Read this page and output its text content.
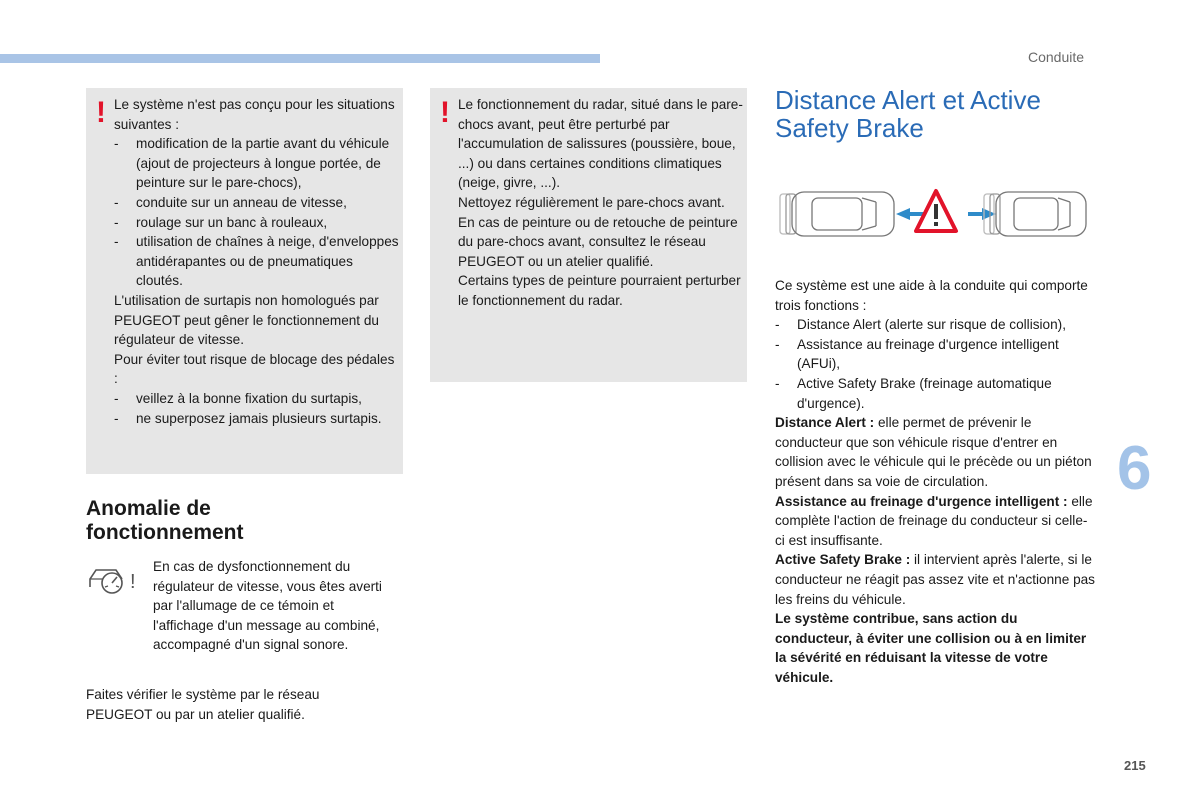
Conduite
6
215
! Le système n'est pas conçu pour les situations suivantes :

-	modification de la partie avant du véhicule (ajout de projecteurs à longue portée, de peinture sur le pare-chocs),
-	conduite sur un anneau de vitesse,
-	roulage sur un banc à rouleaux,
-	utilisation de chaînes à neige, d'enveloppes antidérapantes ou de pneumatiques cloutés.

L'utilisation de surtapis non homologués par PEUGEOT peut gêner le fonctionnement du régulateur de vitesse.

Pour éviter tout risque de blocage des pédales :

-	veillez à la bonne fixation du surtapis,
-	ne superposez jamais plusieurs surtapis.
! Le fonctionnement du radar, situé dans le pare-chocs avant, peut être perturbé par l'accumulation de salissures (poussière, boue, ...) ou dans certaines conditions climatiques (neige, givre, ...).

Nettoyez régulièrement le pare-chocs avant.

En cas de peinture ou de retouche de peinture du pare-chocs avant, consultez le réseau PEUGEOT ou un atelier qualifié.

Certains types de peinture pourraient perturber le fonctionnement du radar.

Anomalie de
fonctionnement
!
En cas de dysfonctionnement du régulateur de vitesse, vous êtes averti par l'allumage de ce témoin et l'affichage d'un message au combiné, accompagné d'un signal sonore.
Faites vérifier le système par le réseau PEUGEOT ou par un atelier qualifié.
Distance Alert et Active
Safety Brake

Ce système est une aide à la conduite qui comporte trois fonctions :

-	Distance Alert (alerte sur risque de collision),
-	Assistance au freinage d'urgence intelligent (AFUi),
-	Active Safety Brake (freinage automatique d'urgence).

Distance Alert : elle permet de prévenir le conducteur que son véhicule risque d'entrer en collision avec le véhicule qui le précède ou un piéton présent dans sa voie de circulation.

Assistance au freinage d'urgence intelligent : elle complète l'action de freinage du conducteur si celle-ci est insuffisante.

Active Safety Brake : il intervient après l'alerte, si le conducteur ne réagit pas assez vite et n'actionne pas les freins du véhicule.

Le système contribue, sans action du conducteur, à éviter une collision ou à en limiter la sévérité en réduisant la vitesse de votre véhicule.
